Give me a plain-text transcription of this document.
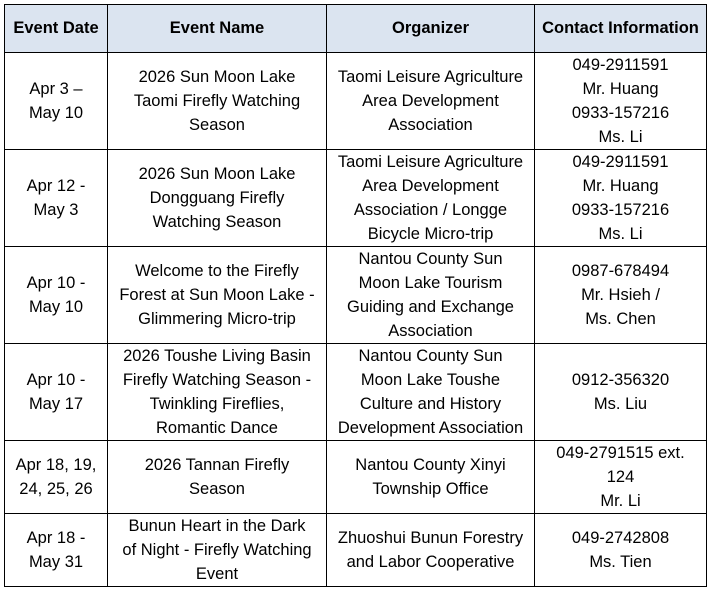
Event Date	Event Name	Organizer	Contact Information

Apr 3 –
May 10	2026 Sun Moon Lake
Taomi Firefly Watching
Season	Taomi Leisure Agriculture
Area Development
Association	049-2911591
Mr. Huang
0933-157216
Ms. Li

Apr 12 -
May 3	2026 Sun Moon Lake
Dongguang Firefly
Watching Season	Taomi Leisure Agriculture
Area Development
Association / Longge
Bicycle Micro-trip	049-2911591
Mr. Huang
0933-157216
Ms. Li

Apr 10 -
May 10	Welcome to the Firefly
Forest at Sun Moon Lake -
Glimmering Micro-trip	Nantou County Sun
Moon Lake Tourism
Guiding and Exchange
Association	0987-678494
Mr. Hsieh /
Ms. Chen

Apr 10 -
May 17	2026 Toushe Living Basin
Firefly Watching Season -
Twinkling Fireflies,
Romantic Dance	Nantou County Sun
Moon Lake Toushe
Culture and History
Development Association	0912-356320
Ms. Liu

Apr 18, 19,
24, 25, 26	2026 Tannan Firefly
Season	Nantou County Xinyi
Township Office	049-2791515 ext.
124
Mr. Li

Apr 18 -
May 31	Bunun Heart in the Dark
of Night - Firefly Watching
Event	Zhuoshui Bunun Forestry
and Labor Cooperative	049-2742808
Ms. Tien
